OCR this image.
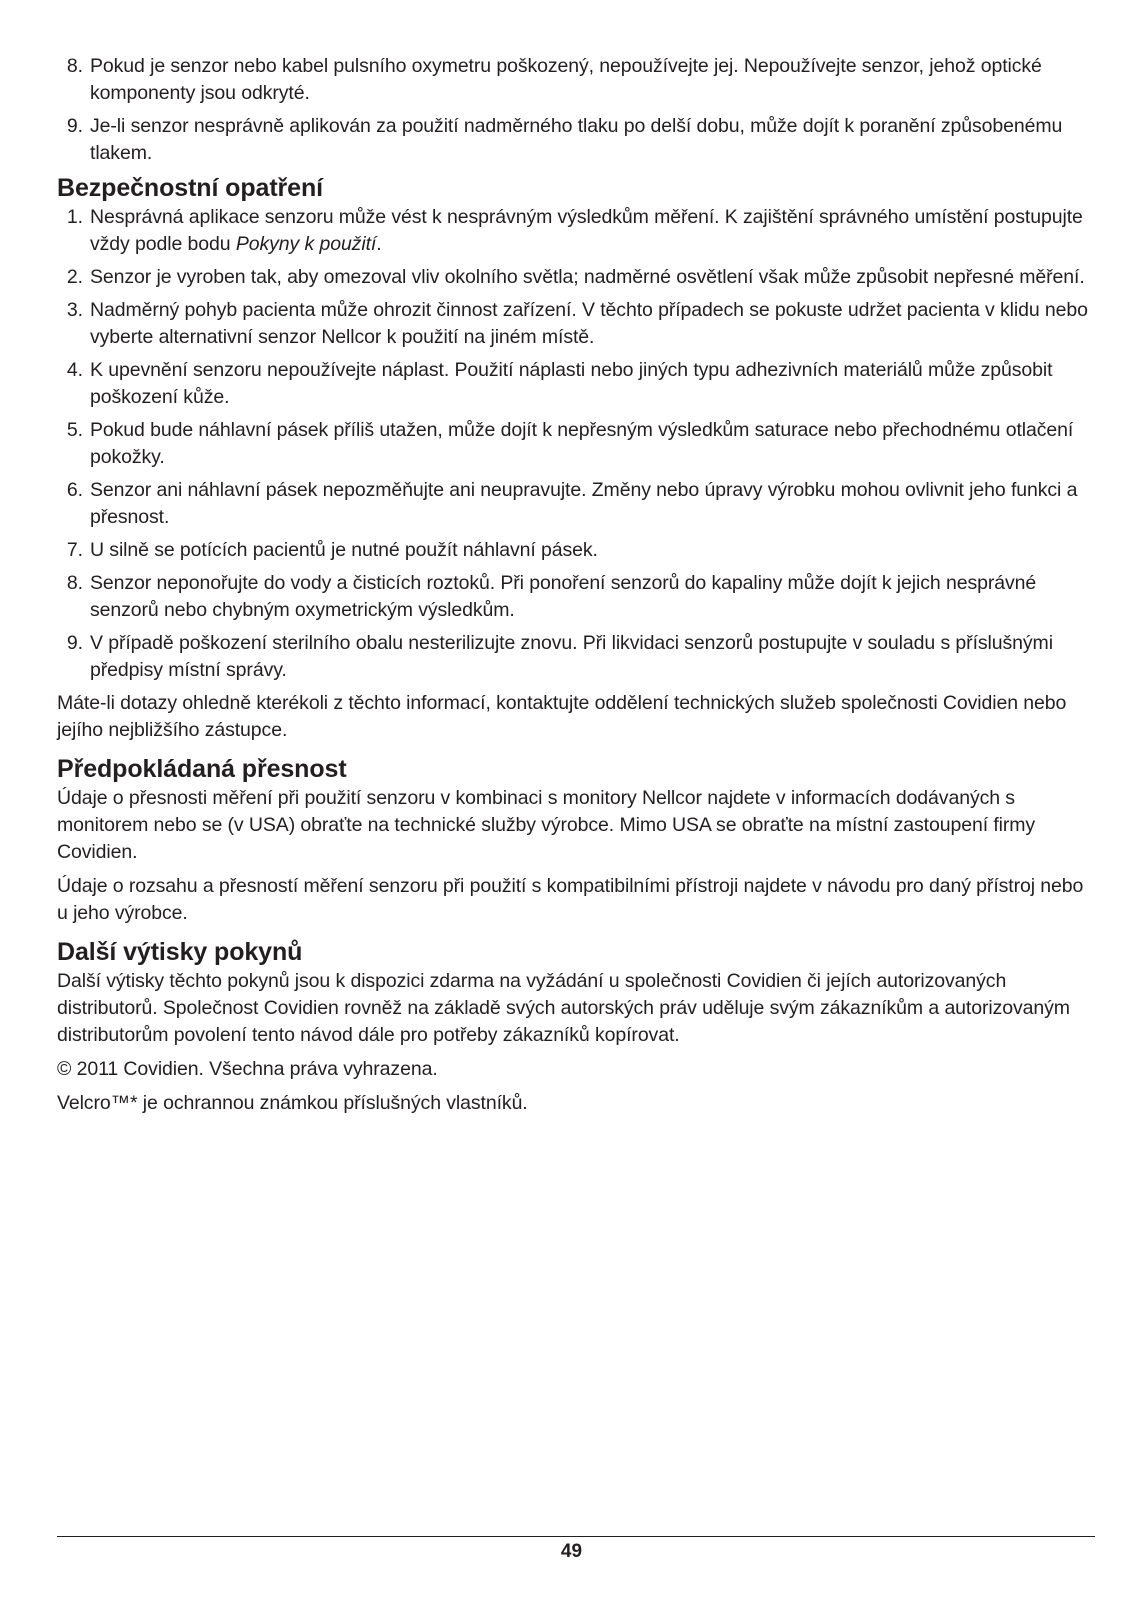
8. Pokud je senzor nebo kabel pulsního oxymetru poškozený, nepoužívejte jej. Nepoužívejte senzor, jehož optické komponenty jsou odkryté.
9. Je-li senzor nesprávně aplikován za použití nadměrného tlaku po delší dobu, může dojít k poranění způsobenému tlakem.
Bezpečnostní opatření
1. Nesprávná aplikace senzoru může vést k nesprávným výsledkům měření. K zajištění správného umístění postupujte vždy podle bodu Pokyny k použití.
2. Senzor je vyroben tak, aby omezoval vliv okolního světla; nadměrné osvětlení však může způsobit nepřesné měření.
3. Nadměrný pohyb pacienta může ohrozit činnost zařízení. V těchto případech se pokuste udržet pacienta v klidu nebo vyberte alternativní senzor Nellcor k použití na jiném místě.
4. K upevnění senzoru nepoužívejte náplast. Použití náplasti nebo jiných typu adhezivních materiálů může způsobit poškození kůže.
5. Pokud bude náhlavní pásek příliš utažen, může dojít k nepřesným výsledkům saturace nebo přechodnému otlačení pokožky.
6. Senzor ani náhlavní pásek nepozměňujte ani neupravujte. Změny nebo úpravy výrobku mohou ovlivnit jeho funkci a přesnost.
7. U silně se potících pacientů je nutné použít náhlavní pásek.
8. Senzor neponořujte do vody a čisticích roztoků. Při ponoření senzorů do kapaliny může dojít k jejich nesprávné senzorů nebo chybným oxymetrickým výsledkům.
9. V případě poškození sterilního obalu nesterilizujte znovu. Při likvidaci senzorů postupujte v souladu s příslušnými předpisy místní správy.

Máte-li dotazy ohledně kterékoli z těchto informací, kontaktujte oddělení technických služeb společnosti Covidien nebo jejího nejbližšího zástupce.

Předpokládaná přesnost

Údaje o přesnosti měření při použití senzoru v kombinaci s monitory Nellcor najdete v informacích dodávaných s monitorem nebo se (v USA) obraťte na technické služby výrobce. Mimo USA se obraťte na místní zastoupení firmy Covidien.

Údaje o rozsahu a přesností měření senzoru při použití s kompatibilními přístroji najdete v návodu pro daný přístroj nebo u jeho výrobce.

Další výtisky pokynů

Další výtisky těchto pokynů jsou k dispozici zdarma na vyžádání u společnosti Covidien či jejích autorizovaných distributorů. Společnost Covidien rovněž na základě svých autorských práv uděluje svým zákazníkům a autorizovaným distributorům povolení tento návod dále pro potřeby zákazníků kopírovat.

© 2011 Covidien. Všechna práva vyhrazena.

Velcro™* je ochrannou známkou příslušných vlastníků.

49
